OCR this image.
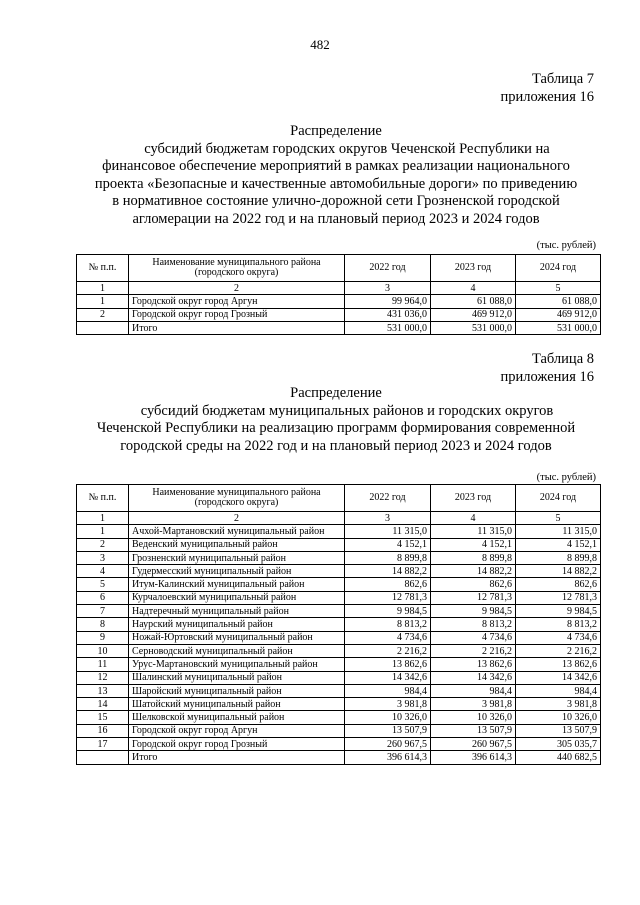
482
Таблица 7
приложения 16
Распределение
субсидий бюджетам городских округов Чеченской Республики на
финансовое обеспечение мероприятий в рамках реализации национального
проекта «Безопасные и качественные автомобильные дороги» по приведению
в нормативное состояние улично-дорожной сети Грозненской городской
агломерации на 2022 год и на плановый период 2023 и 2024 годов
(тыс. рублей)
№ п.п.	Наименование муниципального района (городского округа)	2022 год	2023 год	2024 год
1	2	3	4	5
1	Городской округ город Аргун	99 964,0	61 088,0	61 088,0
2	Городской округ город Грозный	431 036,0	469 912,0	469 912,0
	Итого	531 000,0	531 000,0	531 000,0
Таблица 8
приложения 16
Распределение
субсидий бюджетам муниципальных районов и городских округов
Чеченской Республики на реализацию программ формирования современной
городской среды на 2022 год и на плановый период 2023 и 2024 годов
(тыс. рублей)
№ п.п.	Наименование муниципального района (городского округа)	2022 год	2023 год	2024 год
1	2	3	4	5
1	Ачхой-Мартановский муниципальный район	11 315,0	11 315,0	11 315,0
2	Веденский муниципальный район	4 152,1	4 152,1	4 152,1
3	Грозненский муниципальный район	8 899,8	8 899,8	8 899,8
4	Гудермесский муниципальный район	14 882,2	14 882,2	14 882,2
5	Итум-Калинский муниципальный район	862,6	862,6	862,6
6	Курчалоевский муниципальный район	12 781,3	12 781,3	12 781,3
7	Надтеречный муниципальный район	9 984,5	9 984,5	9 984,5
8	Наурский муниципальный район	8 813,2	8 813,2	8 813,2
9	Ножай-Юртовский муниципальный район	4 734,6	4 734,6	4 734,6
10	Серноводский муниципальный район	2 216,2	2 216,2	2 216,2
11	Урус-Мартановский муниципальный район	13 862,6	13 862,6	13 862,6
12	Шалинский муниципальный район	14 342,6	14 342,6	14 342,6
13	Шаройский муниципальный район	984,4	984,4	984,4
14	Шатойский муниципальный район	3 981,8	3 981,8	3 981,8
15	Шелковской муниципальный район	10 326,0	10 326,0	10 326,0
16	Городской округ город Аргун	13 507,9	13 507,9	13 507,9
17	Городской округ город Грозный	260 967,5	260 967,5	305 035,7
	Итого	396 614,3	396 614,3	440 682,5
